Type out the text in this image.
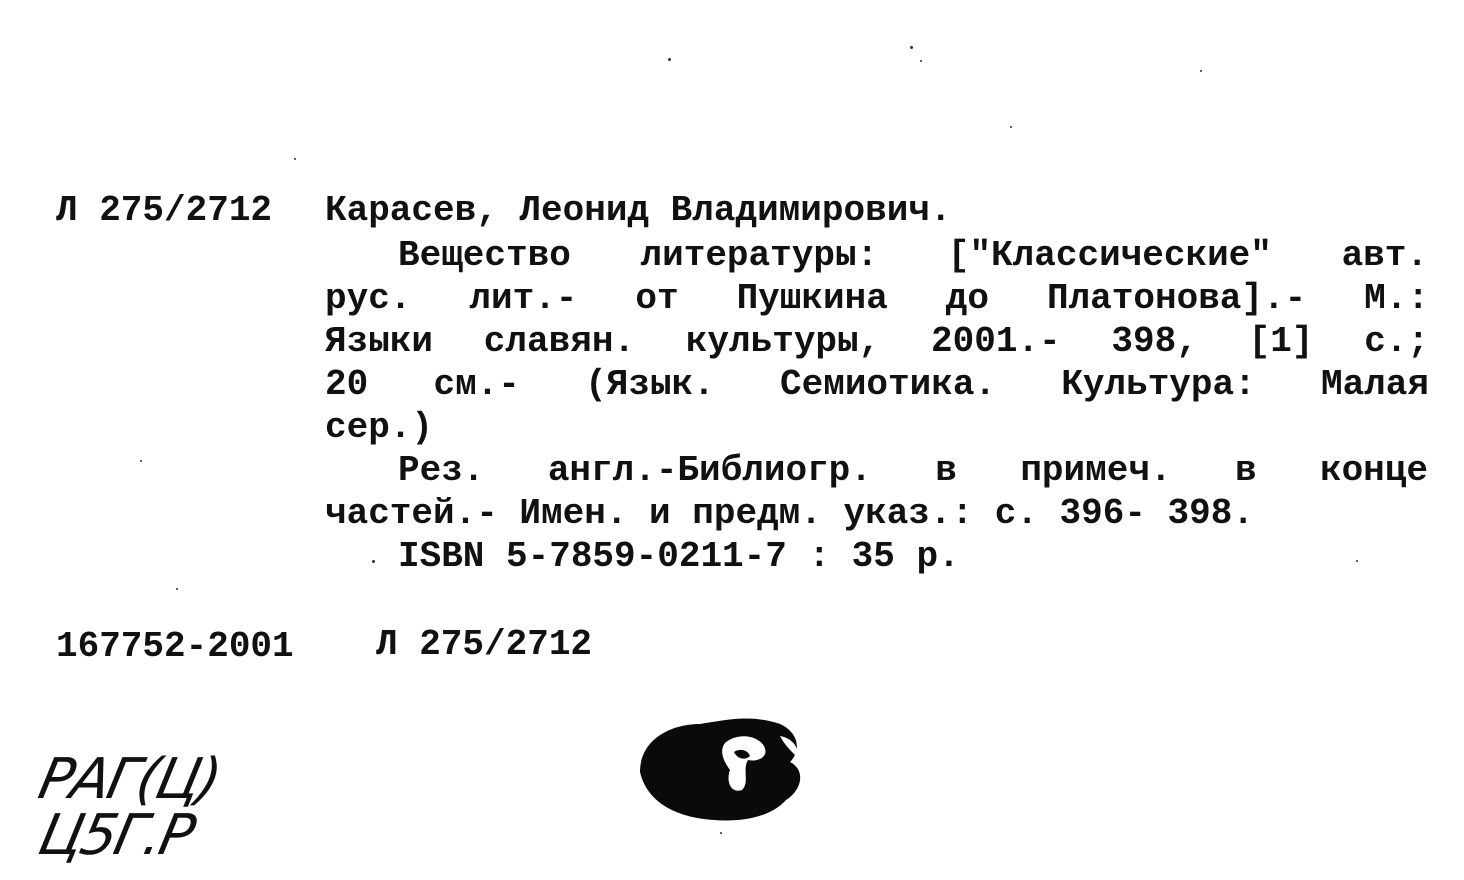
Л 275/2712 Карасев, Леонид Владимирович.
Вещество литературы: ["Классические" авт.
рус. лит.- от Пушкина до Платонова].- М.:
Языки славян. культуры, 2001.- 398, [1] с.;
20 см.- (Язык. Семиотика. Культура: Малая
сер.)
Рез. англ.-Библиогр. в примеч. в конце
частей.- Имен. и предм. указ.: с. 396- 398.
ISBN 5-7859-0211-7 : 35 р.
167752-2001 Л 275/2712
РАГ(Ц)
Ц5Г.Р
